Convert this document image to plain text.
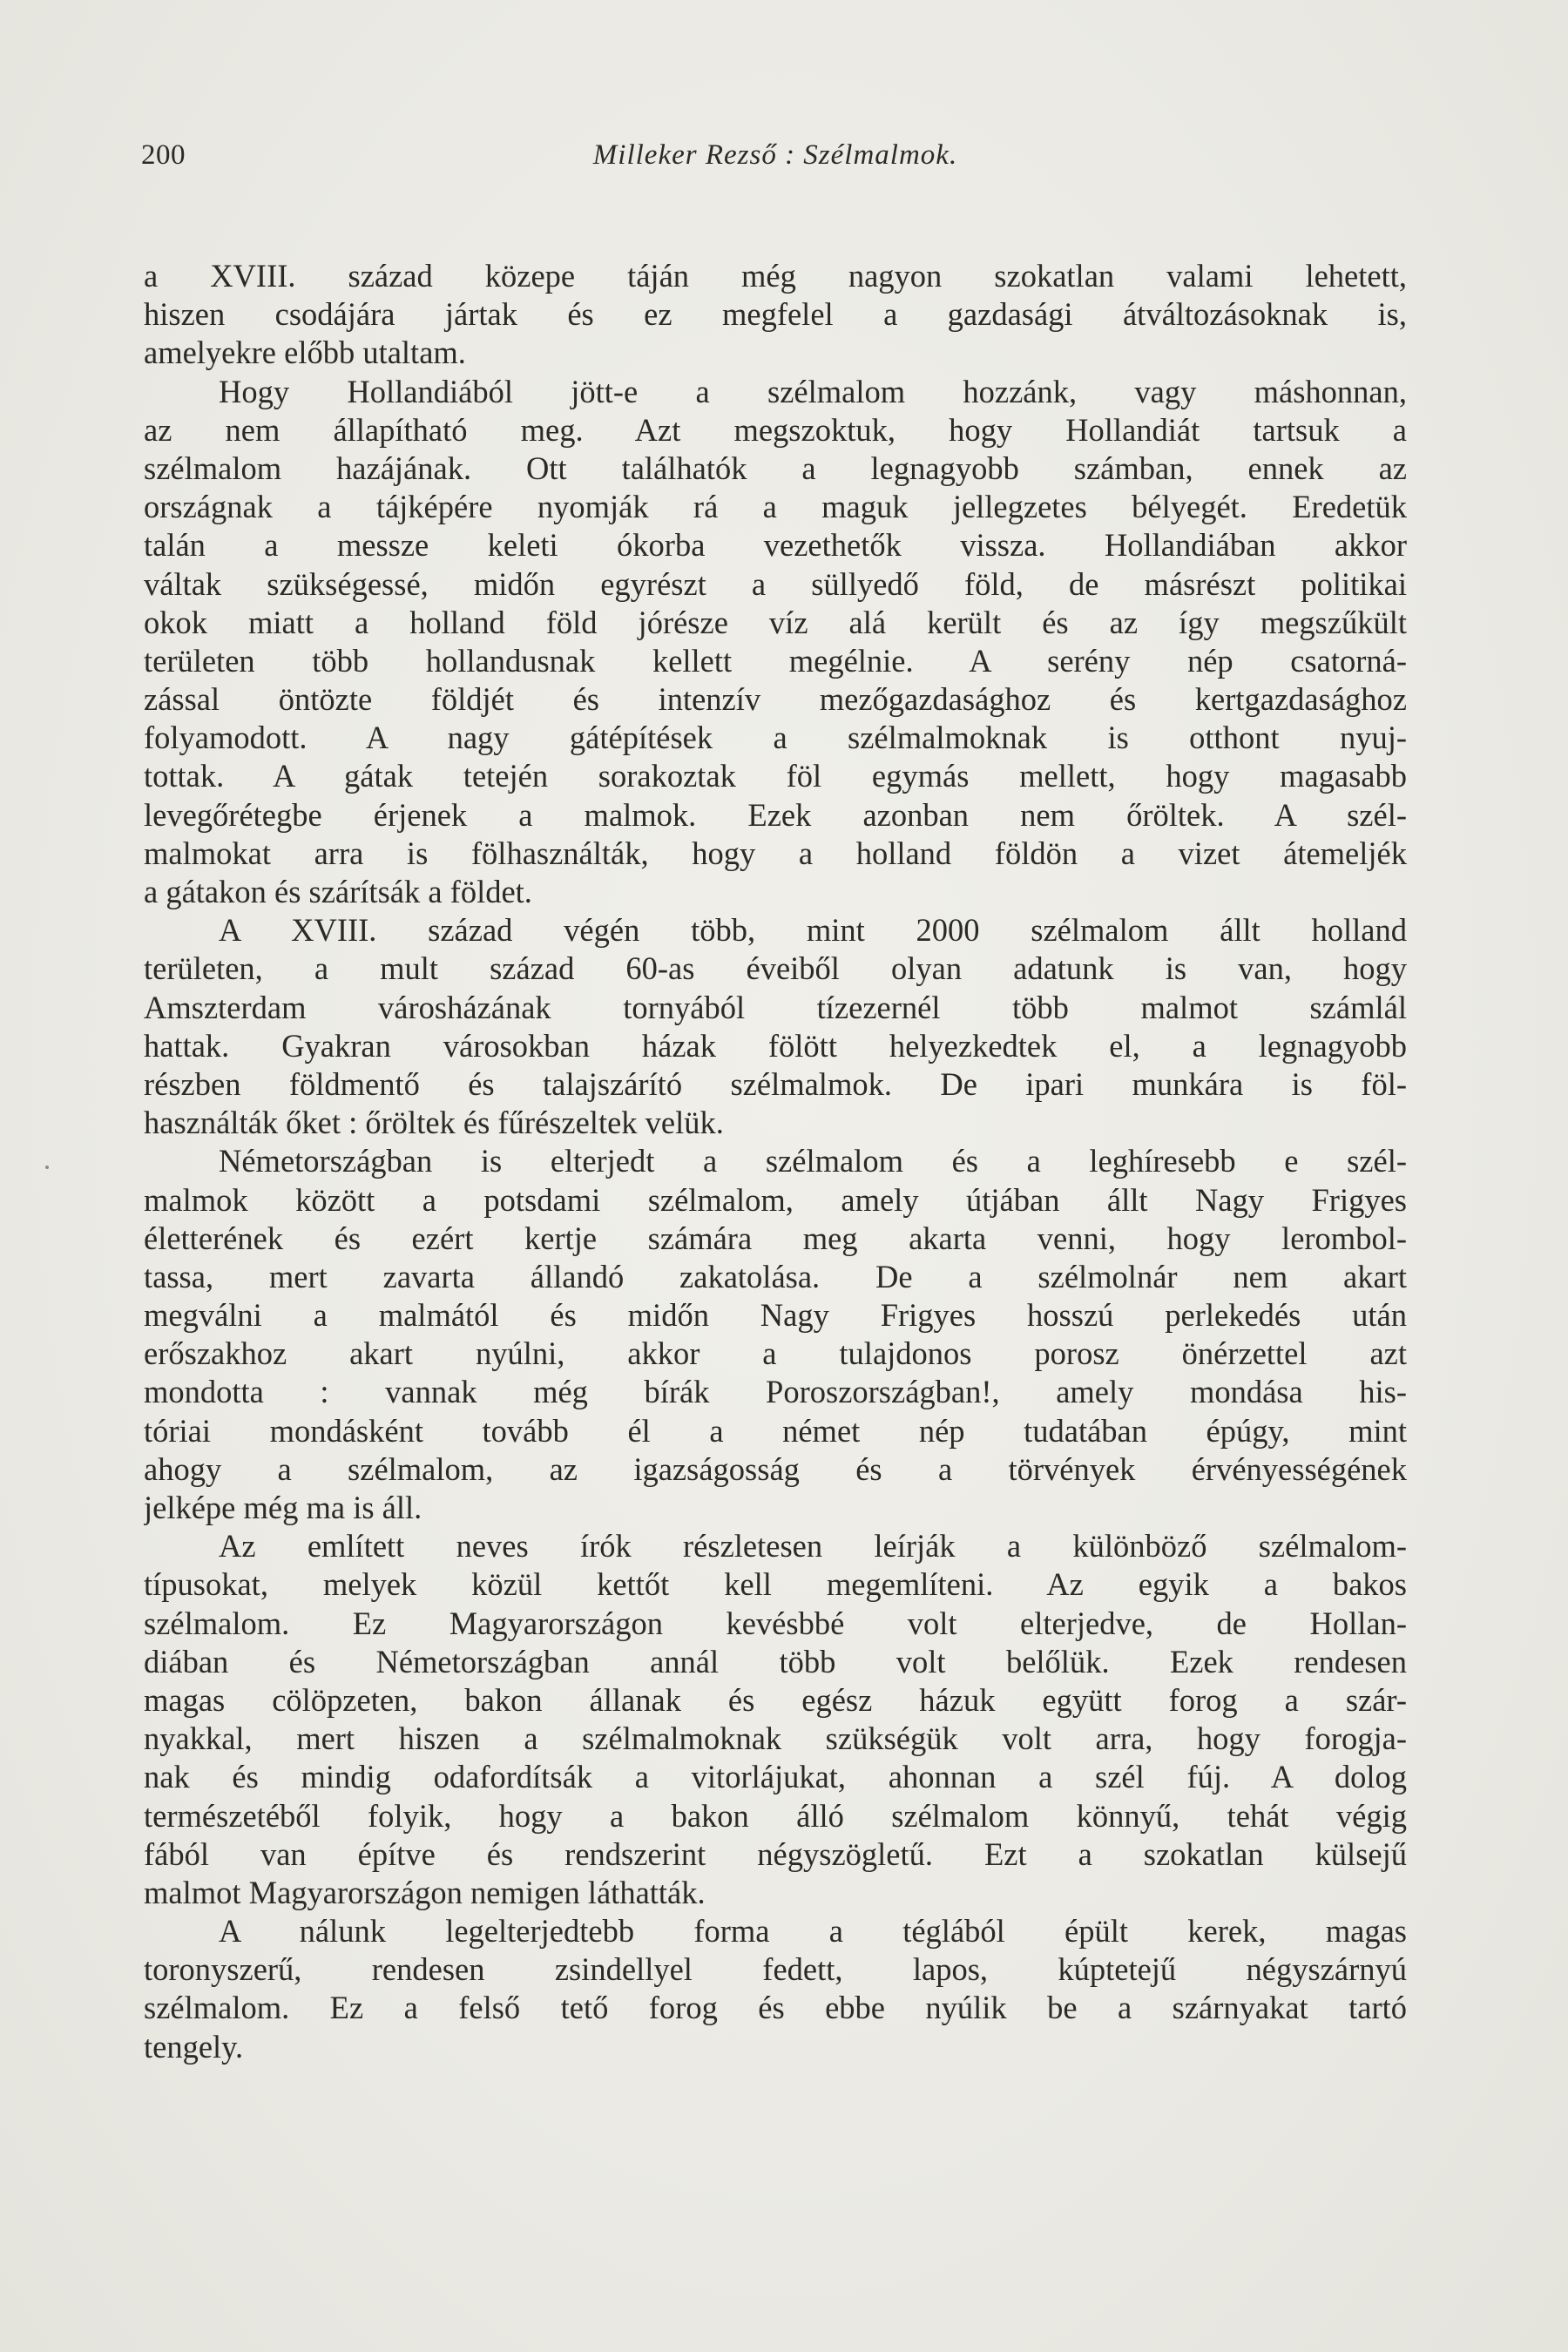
200	Milleker Rezső : Szélmalmok.
a XVIII. század közepe táján még nagyon szokatlan valami lehetett,
hiszen csodájára jártak és ez megfelel a gazdasági átváltozásoknak is,
amelyekre előbb utaltam.
Hogy Hollandiából jött-e a szélmalom hozzánk, vagy máshonnan,
az nem állapítható meg. Azt megszoktuk, hogy Hollandiát tartsuk a
szélmalom hazájának. Ott találhatók a legnagyobb számban, ennek az
országnak a tájképére nyomják rá a maguk jellegzetes bélyegét. Eredetük
talán a messze keleti ókorba vezethetők vissza. Hollandiában akkor
váltak szükségessé, midőn egyrészt a süllyedő föld, de másrészt politikai
okok miatt a holland föld jórésze víz alá került és az így megszűkült
területen több hollandusnak kellett megélnie. A serény nép csatorná-
zással öntözte földjét és intenzív mezőgazdasághoz és kertgazdasághoz
folyamodott. A nagy gátépítések a szélmalmoknak is otthont nyuj-
tottak. A gátak tetején sorakoztak föl egymás mellett, hogy magasabb
levegőrétegbe érjenek a malmok. Ezek azonban nem őröltek. A szél-
malmokat arra is fölhasználták, hogy a holland földön a vizet átemeljék
a gátakon és szárítsák a földet.
A XVIII. század végén több, mint 2000 szélmalom állt holland
területen, a mult század 60-as éveiből olyan adatunk is van, hogy
Amszterdam városházának tornyából tízezernél több malmot számlál
hattak. Gyakran városokban házak fölött helyezkedtek el, a legnagyobb
részben földmentő és talajszárító szélmalmok. De ipari munkára is föl-
használták őket : őröltek és fűrészeltek velük.
Németországban is elterjedt a szélmalom és a leghíresebb e szél-
malmok között a potsdami szélmalom, amely útjában állt Nagy Frigyes
életterének és ezért kertje számára meg akarta venni, hogy lerombol-
tassa, mert zavarta állandó zakatolása. De a szélmolnár nem akart
megválni a malmától és midőn Nagy Frigyes hosszú perlekedés után
erőszakhoz akart nyúlni, akkor a tulajdonos porosz önérzettel azt
mondotta : vannak még bírák Poroszországban!, amely mondása his-
tóriai mondásként tovább él a német nép tudatában épúgy, mint
ahogy a szélmalom, az igazságosság és a törvények érvényességének
jelképe még ma is áll.
Az említett neves írók részletesen leírják a különböző szélmalom-
típusokat, melyek közül kettőt kell megemlíteni. Az egyik a bakos
szélmalom. Ez Magyarországon kevésbbé volt elterjedve, de Hollan-
diában és Németországban annál több volt belőlük. Ezek rendesen
magas cölöpzeten, bakon állanak és egész házuk együtt forog a szár-
nyakkal, mert hiszen a szélmalmoknak szükségük volt arra, hogy forogja-
nak és mindig odafordítsák a vitorlájukat, ahonnan a szél fúj. A dolog
természetéből folyik, hogy a bakon álló szélmalom könnyű, tehát végig
fából van építve és rendszerint négyszögletű. Ezt a szokatlan külsejű
malmot Magyarországon nemigen láthatták.
A nálunk legelterjedtebb forma a téglából épült kerek, magas
toronyszerű, rendesen zsindellyel fedett, lapos, kúptetejű négyszárnyú
szélmalom. Ez a felső tető forog és ebbe nyúlik be a szárnyakat tartó
tengely.
